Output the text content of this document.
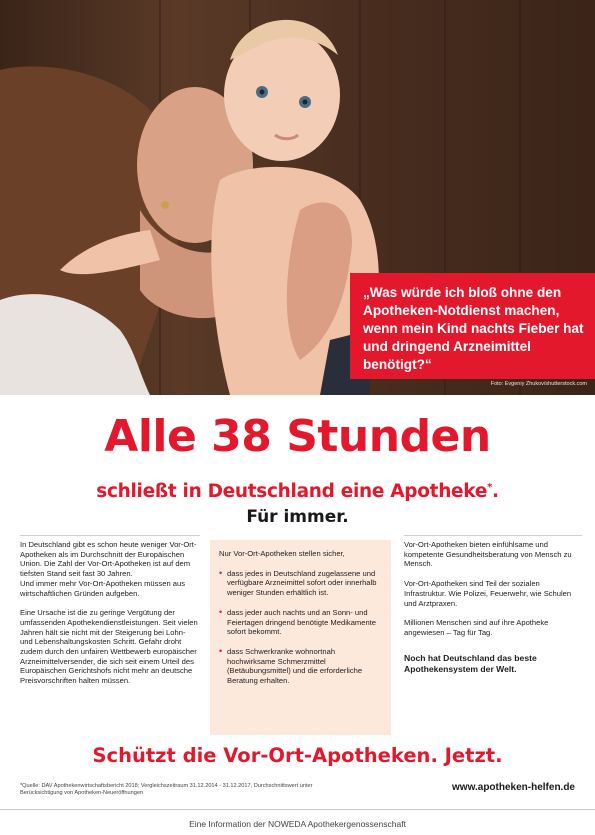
„Was würde ich bloß ohne den Apotheken-Notdienst machen, wenn mein Kind nachts Fieber hat und dringend Arzneimittel benötigt?“

Foto: Evgeniy Zhukov/shutterstock.com
Alle 38 Stunden
schließt in Deutschland eine Apotheke*.
Für immer.

In Deutschland gibt es schon heute weniger Vor-Ort-Apotheken als im Durchschnitt der Europäischen Union. Die Zahl der Vor-Ort-Apotheken ist auf dem tiefsten Stand seit fast 30 Jahren.

Und immer mehr Vor-Ort-Apotheken müssen aus wirtschaftlichen Gründen aufgeben.

Eine Ursache ist die zu geringe Vergütung der umfassenden Apothekendienstleistungen. Seit vielen Jahren hält sie nicht mit der Steigerung bei Lohn- und Lebenshaltungskosten Schritt. Gefahr droht zudem durch den unfairen Wettbewerb europäischer Arzneimittelversender, die sich seit einem Urteil des Europäischen Gerichtshofs nicht mehr an deutsche Preisvorschriften halten müssen.

Nur Vor-Ort-Apotheken stellen sicher,

• dass jedes in Deutschland zugelassene und verfügbare Arzneimittel sofort oder innerhalb weniger Stunden erhältlich ist.
• dass jeder auch nachts und an Sonn- und Feiertagen dringend benötigte Medikamente sofort bekommt.
• dass Schwerkranke wohnortnah hochwirksame Schmerzmittel (Betäubungsmittel) und die erforderliche Beratung erhalten.

Vor-Ort-Apotheken bieten einfühlsame und kompetente Gesundheitsberatung von Mensch zu Mensch.

Vor-Ort-Apotheken sind Teil der sozialen Infrastruktur. Wie Polizei, Feuerwehr, wie Schulen und Arztpraxen.

Millionen Menschen sind auf ihre Apotheke angewiesen – Tag für Tag.

Noch hat Deutschland das beste Apothekensystem der Welt.

Schützt die Vor-Ort-Apotheken. Jetzt.
*Quelle: DAV Apothekenwirtschaftsbericht 2018; Vergleichszeitraum 31.12.2014 - 31.12.2017, Durchschnittswert unter Berücksichtigung von Apotheken-Neueröffnungen	www.apotheken-helfen.de
Eine Information der NOWEDA Apothekergenossenschaft
